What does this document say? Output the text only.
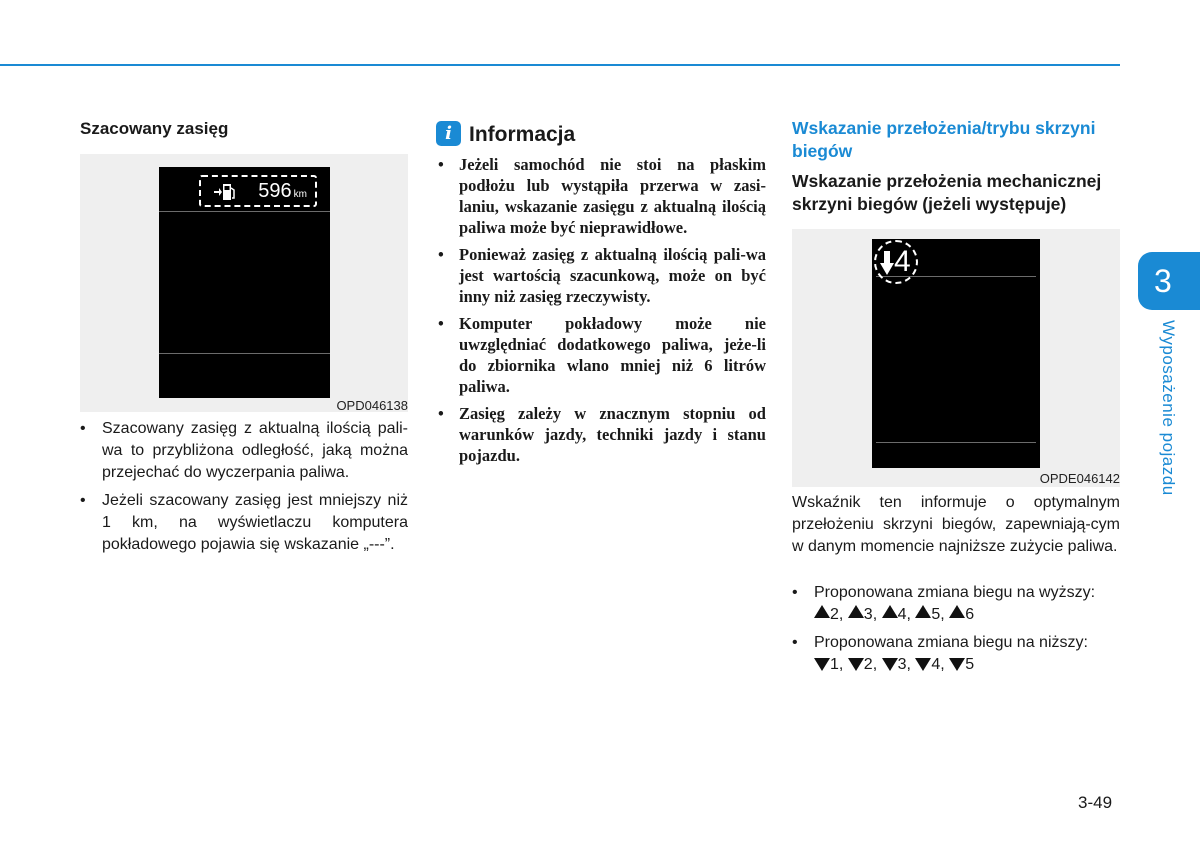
Szacowany zasięg
596 km
OPD046138
• Szacowany zasięg z aktualną ilością pali-wa to przybliżona odległość, jaką można przejechać do wyczerpania paliwa.
• Jeżeli szacowany zasięg jest mniejszy niż 1 km, na wyświetlaczu komputera pokładowego pojawia się wskazanie „---”.
i Informacja
• Jeżeli samochód nie stoi na płaskim podłożu lub wystąpiła przerwa w zasi-laniu, wskazanie zasięgu z aktualną ilością paliwa może być nieprawidłowe.
• Ponieważ zasięg z aktualną ilością pali-wa jest wartością szacunkową, może on być inny niż zasięg rzeczywisty.
• Komputer pokładowy może nie uwzględniać dodatkowego paliwa, jeże-li do zbiornika wlano mniej niż 6 litrów paliwa.
• Zasięg zależy w znacznym stopniu od warunków jazdy, techniki jazdy i stanu pojazdu.
Wskazanie przełożenia/trybu skrzyni biegów
Wskazanie przełożenia mechanicznej skrzyni biegów (jeżeli występuje)
4
OPDE046142
Wskaźnik ten informuje o optymalnym przełożeniu skrzyni biegów, zapewniają-cym w danym momencie najniższe zużycie paliwa.
• Proponowana zmiana biegu na wyższy:
2, 3, 4, 5, 6
• Proponowana zmiana biegu na niższy:
1, 2, 3, 4, 5
3
Wyposażenie pojazdu
3-49
